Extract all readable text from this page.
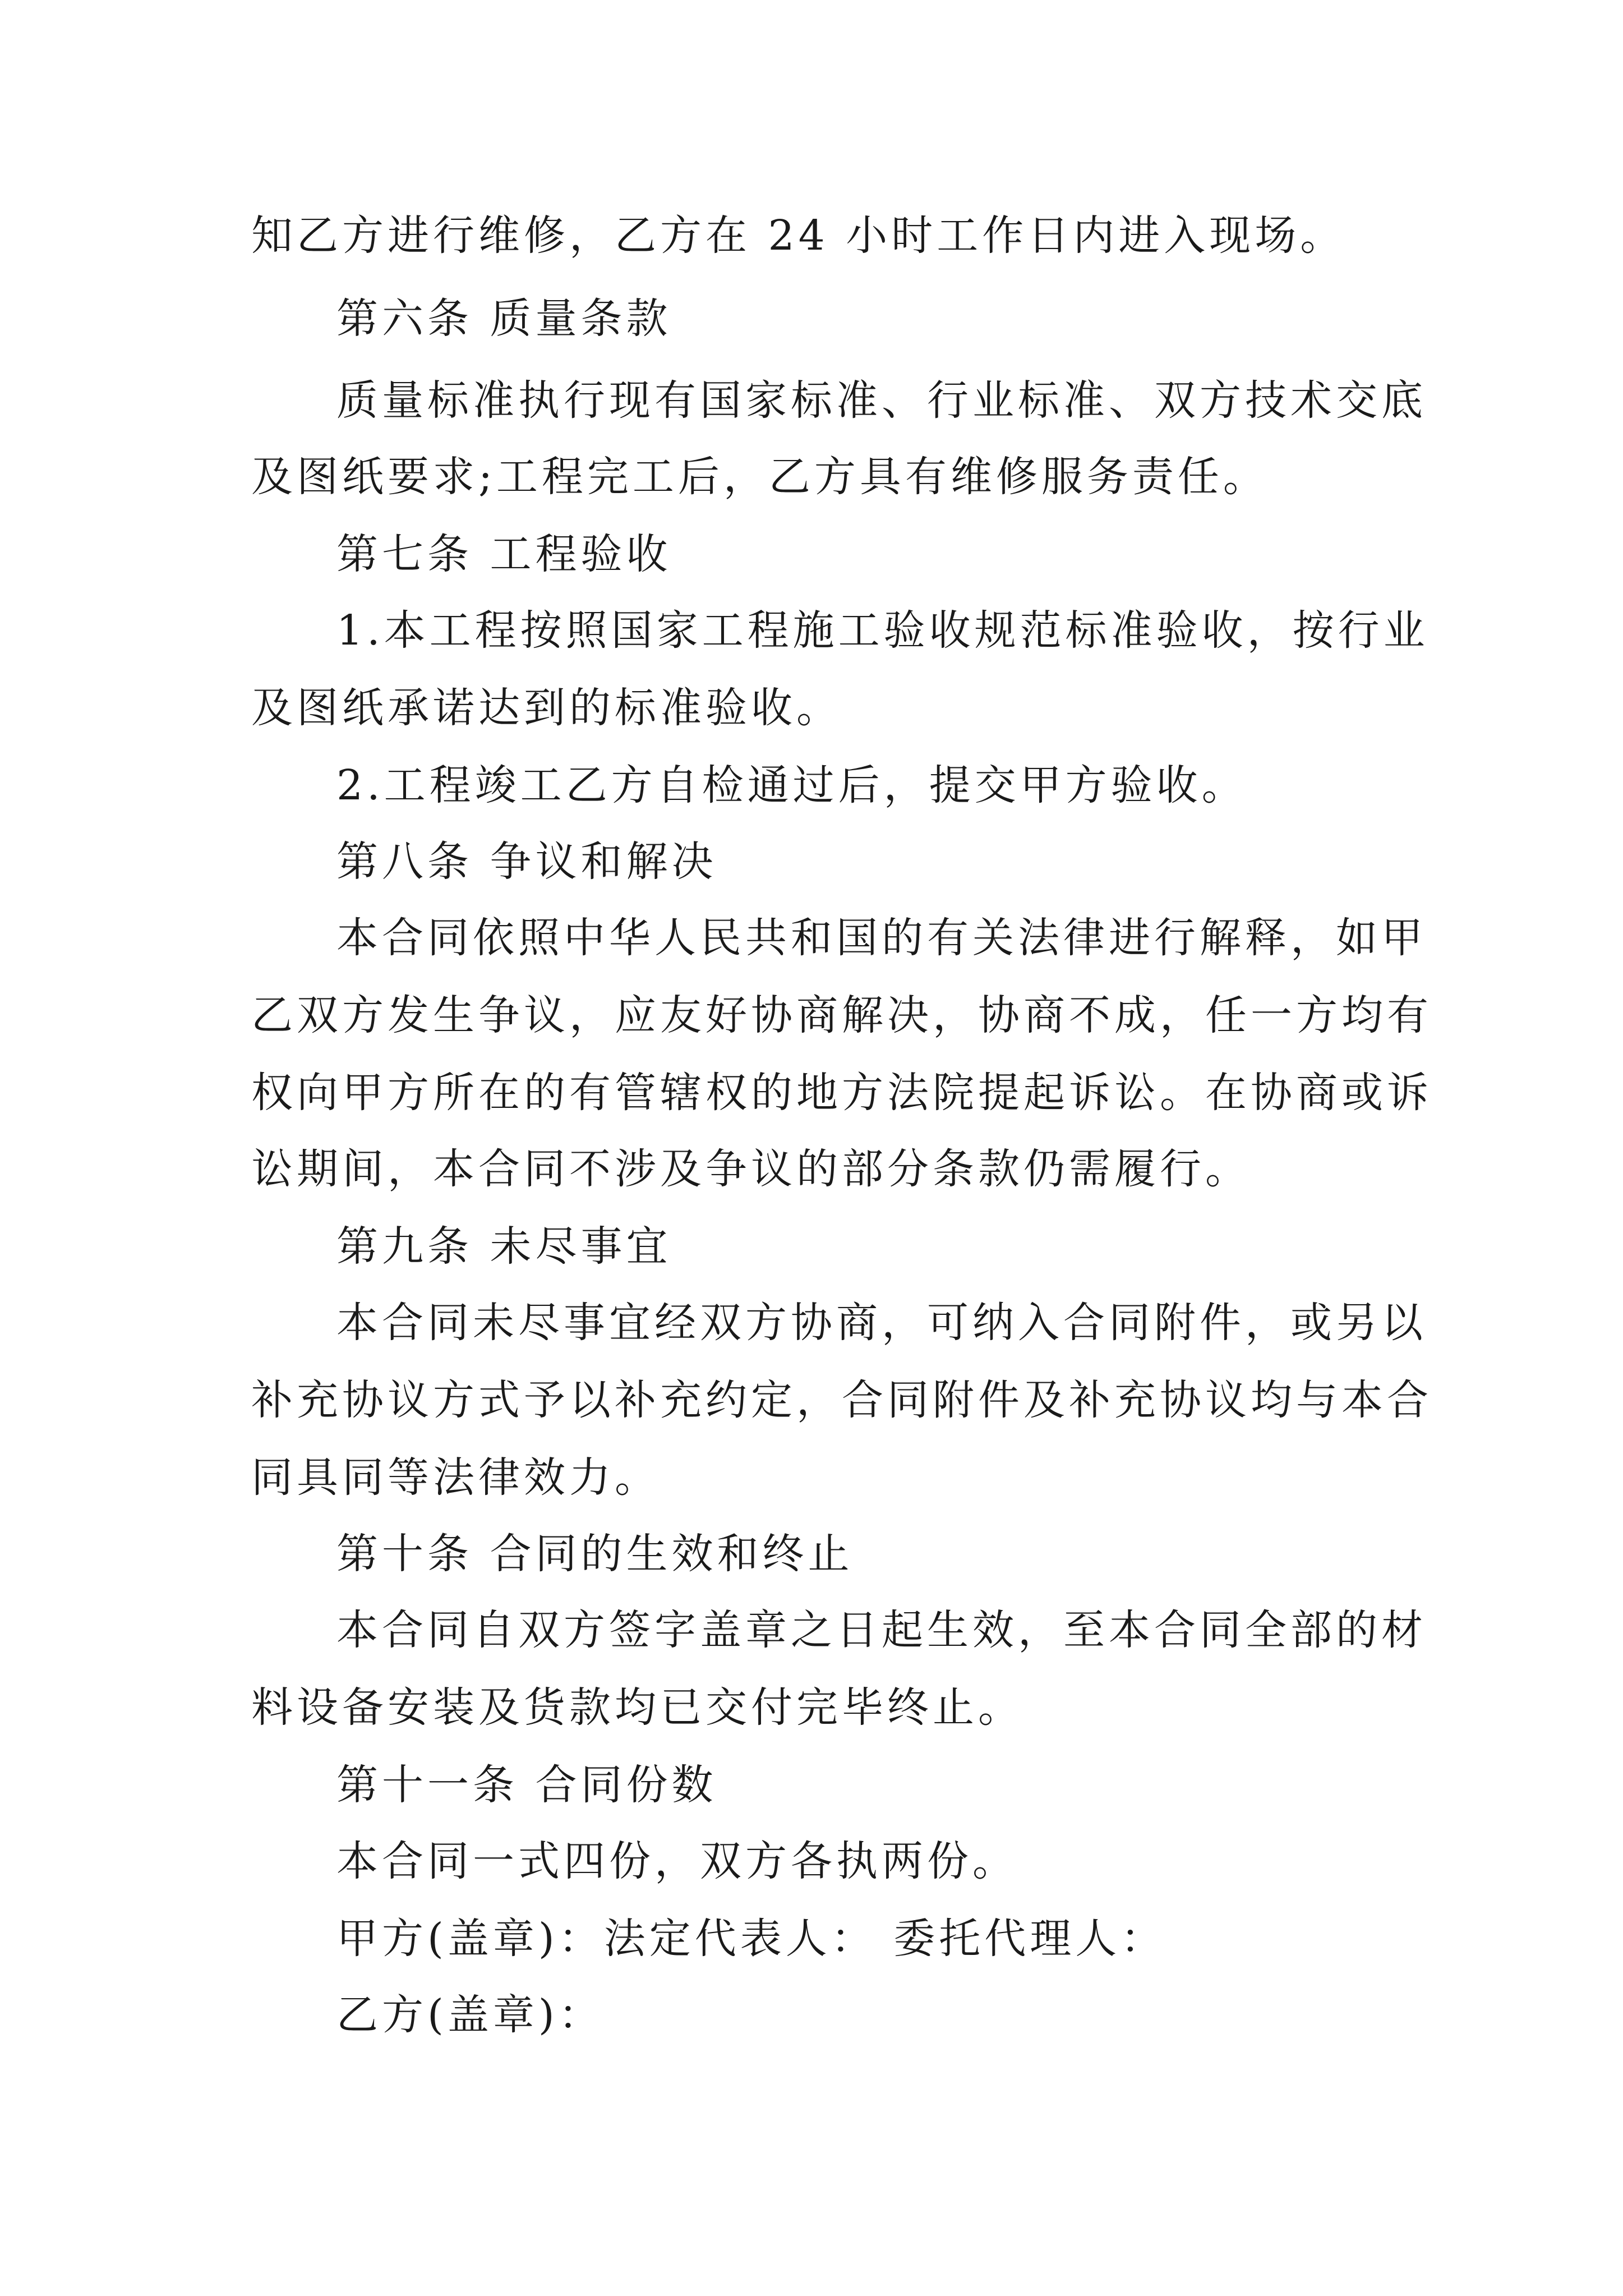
知乙方进行维修，乙方在 24 小时工作日内进入现场。
第六条 质量条款
质量标准执行现有国家标准、行业标准、双方技术交底
及图纸要求;工程完工后，乙方具有维修服务责任。
第七条 工程验收
1.本工程按照国家工程施工验收规范标准验收，按行业
及图纸承诺达到的标准验收。
2.工程竣工乙方自检通过后，提交甲方验收。
第八条 争议和解决
本合同依照中华人民共和国的有关法律进行解释，如甲
乙双方发生争议，应友好协商解决，协商不成，任一方均有
权向甲方所在的有管辖权的地方法院提起诉讼。在协商或诉
讼期间，本合同不涉及争议的部分条款仍需履行。
第九条 未尽事宜
本合同未尽事宜经双方协商，可纳入合同附件，或另以
补充协议方式予以补充约定，合同附件及补充协议均与本合
同具同等法律效力。
第十条 合同的生效和终止
本合同自双方签字盖章之日起生效，至本合同全部的材
料设备安装及货款均已交付完毕终止。
第十一条 合同份数
本合同一式四份，双方各执两份。
甲方(盖章)：法定代表人： 委托代理人：
乙方(盖章)：
